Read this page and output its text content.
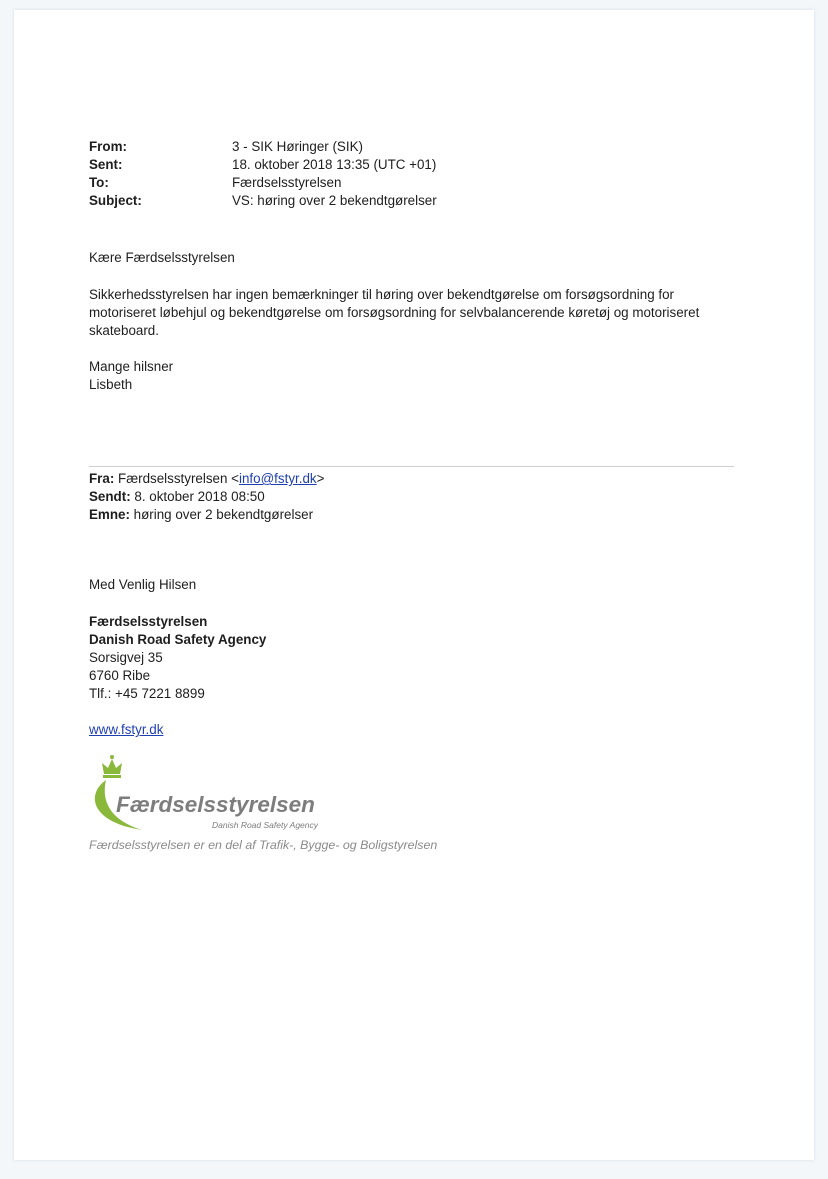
From:	3 - SIK Høringer (SIK)
Sent:	18. oktober 2018 13:35 (UTC +01)
To:	Færdselsstyrelsen
Subject:	VS: høring over 2 bekendtgørelser
Kære Færdselsstyrelsen
Sikkerhedsstyrelsen har ingen bemærkninger til høring over bekendtgørelse om forsøgsordning for motoriseret løbehjul og bekendtgørelse om forsøgsordning for selvbalancerende køretøj og motoriseret skateboard.
Mange hilsner
Lisbeth
Fra: Færdselsstyrelsen <info@fstyr.dk>
Sendt: 8. oktober 2018 08:50
Emne: høring over 2 bekendtgørelser
Med Venlig Hilsen
Færdselsstyrelsen
Danish Road Safety Agency
Sorsigvej 35
6760 Ribe
Tlf.: +45 7221 8899
www.fstyr.dk
Færdselsstyrelsen
Danish Road Safety Agency
Færdselsstyrelsen er en del af Trafik-, Bygge- og Boligstyrelsen
